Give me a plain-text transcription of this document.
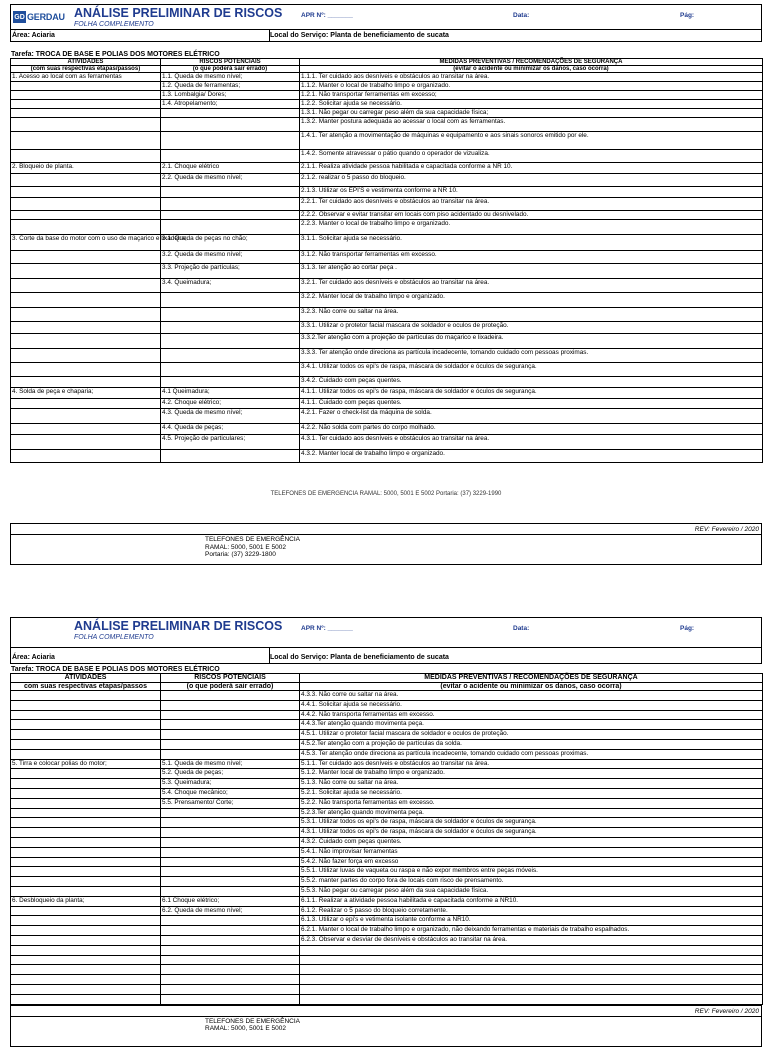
GD GERDAU ANÁLISE PRELIMINAR DE RISCOS
FOLHA COMPLEMENTO
APR Nº: _______	Data:	Pág:
Área: Aciaria	Local do Serviço: Planta de beneficiamento de sucata
Tarefa: TROCA DE BASE E POLIAS DOS MOTORES ELÉTRICO
ATIVIDADES	RISCOS POTENCIAIS	MEDIDAS PREVENTIVAS / RECOMENDAÇÕES DE SEGURANÇA
(com suas respectivas etapas/passos)	(o que poderá sair errado)	(evitar o acidente ou minimizar os danos, caso ocorra)
1. Acesso ao local com as ferramentas	1.1. Queda de mesmo nível;	1.1.1. Ter cuidado aos desníveis e obstáculos ao transitar na área.
	1.2. Queda de ferramentas;	1.1.2. Manter o local de trabalho limpo e organizado.
	1.3. Lombalgia/ Dores;	1.2.1. Não transportar ferramentas em excesso;
	1.4. Atropelamento;	1.2.2. Solicitar ajuda se necessário.
		1.3.1. Não pegar ou carregar peso além da sua capacidade física;
		1.3.2. Manter postura adequada ao acessar o local com as ferramentas.
		1.4.1. Ter atenção a movimentação de máquinas e equipamento e aos sinais sonoros emitido por ele.
		1.4.2. Somente atravessar o pátio quando o operador de vizualiza.
2. Bloqueio de planta.	2.1. Choque elétrico	2.1.1. Realiza atividade pessoa habilitada e capacitada conforme a NR 10.
	2.2. Queda de mesmo nível;	2.1.2. realizar o 5 passo do bloqueio.
		2.1.3. Utilizar os EPI'S e vestimenta conforme a NR 10.
		2.2.1. Ter cuidado aos desníveis e obstáculos ao transitar na área.
		2.2.2. Observar e evitar transitar em locais com piso acidentado ou desnivelado.
		2.2.3. Manter o local de trabalho limpo e organizado.
3. Corte da base do motor com o uso de maçarico e lixadeira;	3.1. Queda de peças no chão;	3.1.1. Solicitar ajuda se necessário.
	3.2. Queda de mesmo nível;	3.1.2. Não transportar ferramentas em excesso.
	3.3. Projeção de partículas;	3.1.3. ter atenção ao cortar peça .
	3.4. Queimadura;	3.2.1. Ter cuidado aos desníveis e obstáculos ao transitar na área.
		3.2.2. Manter local de trabalho limpo e organizado.
		3.2.3. Não corre ou saltar na área.
		3.3.1. Utilizar o protetor facial mascara de soldador e oculos de proteção.
		3.3.2.Ter atenção com a projeção de partículas do maçarico e lixadeira.
		3.3.3. Ter atenção onde direciona as partícula incadecente, tomando cuidado com pessoas proximas.
		3.4.1. Utilizar todos os epi's de raspa, máscara de soldador e óculos de segurança.
		3.4.2. Cuidado com peças quentes.
4. Solda de peça e chaparia;	4.1 Queimadura;	4.1.1. Utilizar todos os epi's de raspa, máscara de soldador e óculos de segurança.
	4.2. Choque elétrico;	4.1.1. Cuidado com peças quentes.
	4.3. Queda de mesmo nível;	4.2.1. Fazer o check-list da máquina de solda.
	4.4. Queda de peças;	4.2.2. Não solda com partes do corpo molhado.
	4.5. Projeção de particulares;	4.3.1. Ter cuidado aos desníveis e obstáculos ao transitar na área.
		4.3.2. Manter local de trabalho limpo e organizado.
TELEFONES DE EMERGENCIA RAMAL: 5000, 5001 E 5002 Portaria: (37) 3229-1990
REV: Fevereiro / 2020
TELEFONES DE EMERGÊNCIA
RAMAL: 5000, 5001 E 5002
Portaria: (37) 3229-1800
ANÁLISE PRELIMINAR DE RISCOS
FOLHA COMPLEMENTO
APR Nº: _______	Data:	Pág:
Área: Aciaria	Local do Serviço: Planta de beneficiamento de sucata
Tarefa: TROCA DE BASE E POLIAS DOS MOTORES ELÉTRICO
ATIVIDADES	RISCOS POTENCIAIS	MEDIDAS PREVENTIVAS / RECOMENDAÇÕES DE SEGURANÇA
com suas respectivas etapas/passos	(o que poderá sair errado)	(evitar o acidente ou minimizar os danos, caso ocorra)
		4.3.3. Não corre ou saltar na área.
		4.4.1. Solicitar ajuda se necessário.
		4.4.2. Não transporta ferramentas em excesso.
		4.4.3.Ter atenção quando movimenta peça.
		4.5.1. Utilizar o protetor facial mascara de soldador e oculos de proteção.
		4.5.2.Ter atenção com a projeção de partículas da solda.
		4.5.3. Ter atenção onde direciona as partícula incadecente, tomando cuidado com pessoas proximas.
5. Tirra e colocar polias do motor;	5.1. Queda de mesmo nível;	5.1.1. Ter cuidado aos desníveis e obstáculos ao transitar na área.
	5.2. Queda de peças;	5.1.2. Manter local de trabalho limpo e organizado.
	5.3. Queimadura;	5.1.3. Não corre ou saltar na área.
	5.4. Choque mecânico;	5.2.1. Solicitar ajuda se necessário.
	5.5. Prensamento/ Corte;	5.2.2. Não transporta ferramentas em excesso.
		5.2.3.Ter atenção quando movimenta peça.
		5.3.1. Utilizar todos os epi's de raspa, máscara de soldador e óculos de segurança.
		4.3.1. Utilizar todos os epi's de raspa, máscara de soldador e óculos de segurança.
		4.3.2. Cuidado com peças quentes.
		5.4.1. Não improvisar ferramentas
		5.4.2. Não fazer força em excesso
		5.5.1. Utilizar luvas de vaqueta ou raspa e não expor membros entre peças móveis.
		5.5.2. manter partes do corpo fora de locais com risco de prensamento.
		5.5.3. Não pegar ou carregar peso além da sua capacidade física.
6. Desbloqueio da planta;	6.1 Choque elétrico;	6.1.1. Realizar a atividade pessoa habilitada e capacitada conforme a NR10.
	6.2. Queda de mesmo nível;	6.1.2. Realizar o 5 passo do bloqueio corretamente.
		6.1.3. Utilizar o epi's e vetimenta isolante conforme a NR10.
		6.2.1. Manter o local de trabalho limpo e organizado, não deixando ferramentas e materiais de trabalho espalhados.
		6.2.3. Observar e desviar de desníveis e obstáculos ao transitar na área.

REV: Fevereiro / 2020
TELEFONES DE EMERGÊNCIA
RAMAL: 5000, 5001 E 5002
